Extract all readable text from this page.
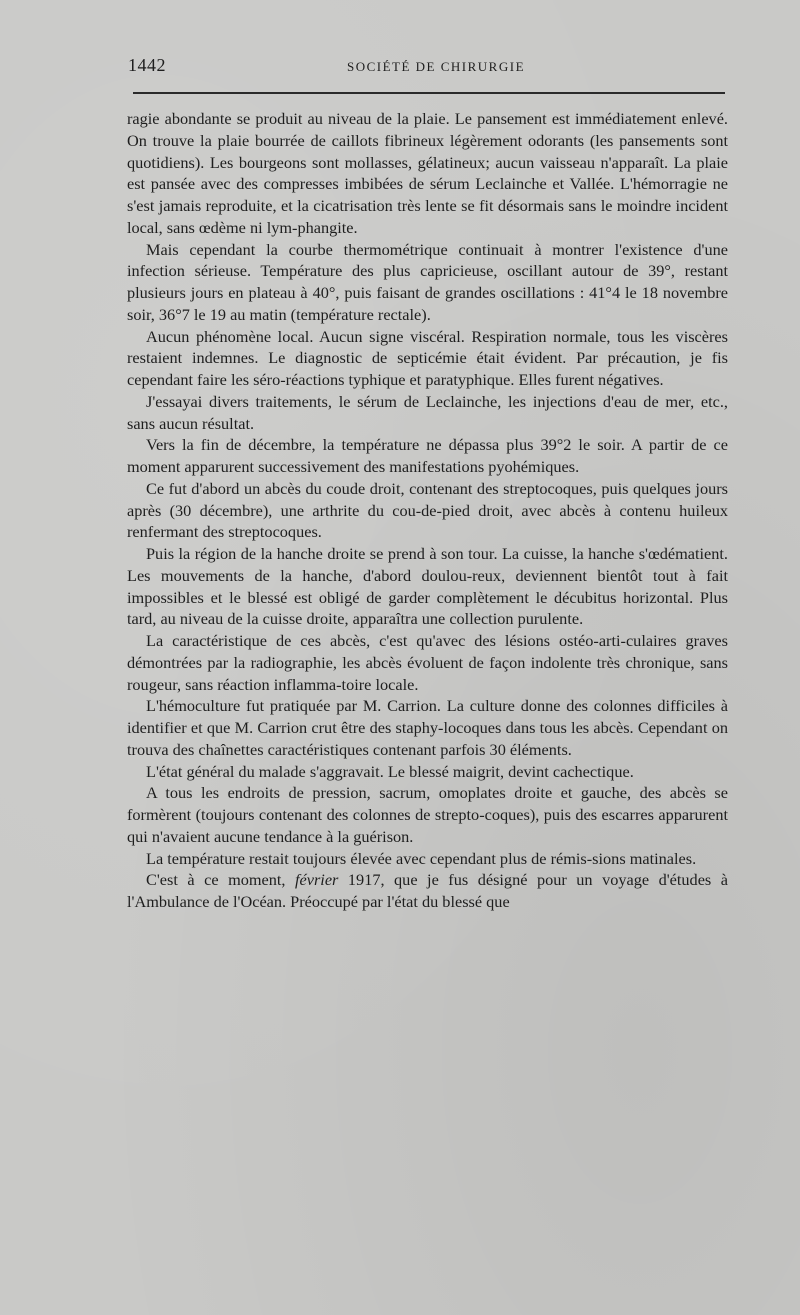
1442	SOCIÉTÉ DE CHIRURGIE

ragie abondante se produit au niveau de la plaie. Le pansement est immédiatement enlevé. On trouve la plaie bourrée de caillots fibrineux légèrement odorants (les pansements sont quotidiens). Les bourgeons sont mollasses, gélatineux; aucun vaisseau n'apparaît. La plaie est pansée avec des compresses imbibées de sérum Leclainche et Vallée. L'hémorragie ne s'est jamais reproduite, et la cicatrisation très lente se fit désormais sans le moindre incident local, sans œdème ni lym-phangite.

Mais cependant la courbe thermométrique continuait à montrer l'existence d'une infection sérieuse. Température des plus capricieuse, oscillant autour de 39°, restant plusieurs jours en plateau à 40°, puis faisant de grandes oscillations : 41°4 le 18 novembre soir, 36°7 le 19 au matin (température rectale).

Aucun phénomène local. Aucun signe viscéral. Respiration normale, tous les viscères restaient indemnes. Le diagnostic de septicémie était évident. Par précaution, je fis cependant faire les séro-réactions typhique et paratyphique. Elles furent négatives.

J'essayai divers traitements, le sérum de Leclainche, les injections d'eau de mer, etc., sans aucun résultat.

Vers la fin de décembre, la température ne dépassa plus 39°2 le soir. A partir de ce moment apparurent successivement des manifestations pyohémiques.

Ce fut d'abord un abcès du coude droit, contenant des streptocoques, puis quelques jours après (30 décembre), une arthrite du cou-de-pied droit, avec abcès à contenu huileux renfermant des streptocoques.

Puis la région de la hanche droite se prend à son tour. La cuisse, la hanche s'œdématient. Les mouvements de la hanche, d'abord doulou-reux, deviennent bientôt tout à fait impossibles et le blessé est obligé de garder complètement le décubitus horizontal. Plus tard, au niveau de la cuisse droite, apparaîtra une collection purulente.

La caractéristique de ces abcès, c'est qu'avec des lésions ostéo-arti-culaires graves démontrées par la radiographie, les abcès évoluent de façon indolente très chronique, sans rougeur, sans réaction inflamma-toire locale.

L'hémoculture fut pratiquée par M. Carrion. La culture donne des colonnes difficiles à identifier et que M. Carrion crut être des staphy-locoques dans tous les abcès. Cependant on trouva des chaînettes caractéristiques contenant parfois 30 éléments.

L'état général du malade s'aggravait. Le blessé maigrit, devint cachectique.

A tous les endroits de pression, sacrum, omoplates droite et gauche, des abcès se formèrent (toujours contenant des colonnes de strepto-coques), puis des escarres apparurent qui n'avaient aucune tendance à la guérison.

La température restait toujours élevée avec cependant plus de rémis-sions matinales.

C'est à ce moment, février 1917, que je fus désigné pour un voyage d'études à l'Ambulance de l'Océan. Préoccupé par l'état du blessé que
